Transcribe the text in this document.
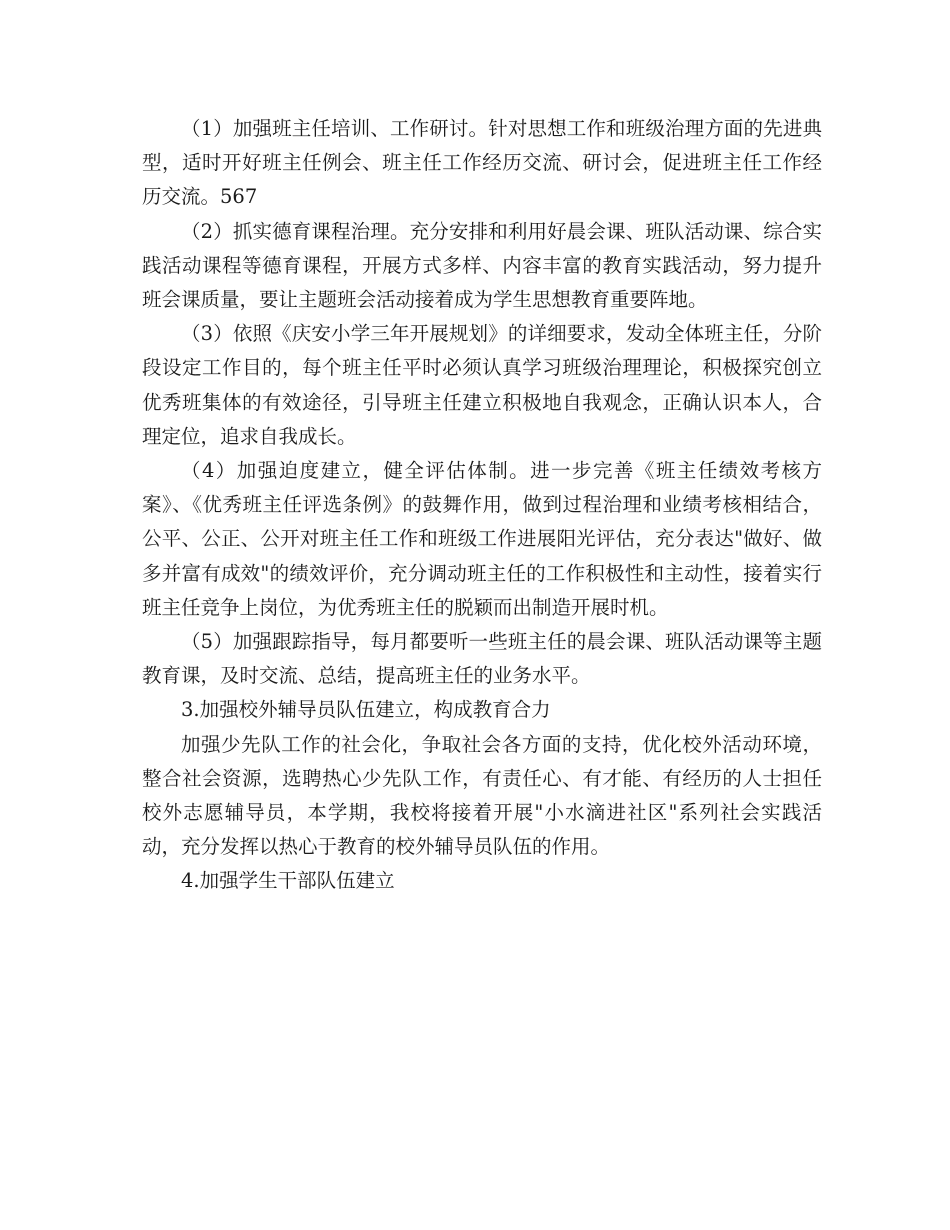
（1）加强班主任培训、工作研讨。针对思想工作和班级治理方面的先进典型，适时开好班主任例会、班主任工作经历交流、研讨会，促进班主任工作经历交流。567

（2）抓实德育课程治理。充分安排和利用好晨会课、班队活动课、综合实践活动课程等德育课程，开展方式多样、内容丰富的教育实践活动，努力提升班会课质量，要让主题班会活动接着成为学生思想教育重要阵地。

（3）依照《庆安小学三年开展规划》的详细要求，发动全体班主任，分阶段设定工作目的，每个班主任平时必须认真学习班级治理理论，积极探究创立优秀班集体的有效途径，引导班主任建立积极地自我观念，正确认识本人，合理定位，追求自我成长。

（4）加强迫度建立，健全评估体制。进一步完善《班主任绩效考核方案》、《优秀班主任评选条例》的鼓舞作用，做到过程治理和业绩考核相结合，公平、公正、公开对班主任工作和班级工作进展阳光评估，充分表达"做好、做多并富有成效"的绩效评价，充分调动班主任的工作积极性和主动性，接着实行班主任竞争上岗位，为优秀班主任的脱颖而出制造开展时机。

（5）加强跟踪指导，每月都要听一些班主任的晨会课、班队活动课等主题教育课，及时交流、总结，提高班主任的业务水平。

3.加强校外辅导员队伍建立，构成教育合力

加强少先队工作的社会化，争取社会各方面的支持，优化校外活动环境，整合社会资源，选聘热心少先队工作，有责任心、有才能、有经历的人士担任校外志愿辅导员，本学期，我校将接着开展"小水滴进社区"系列社会实践活动，充分发挥以热心于教育的校外辅导员队伍的作用。

4.加强学生干部队伍建立
